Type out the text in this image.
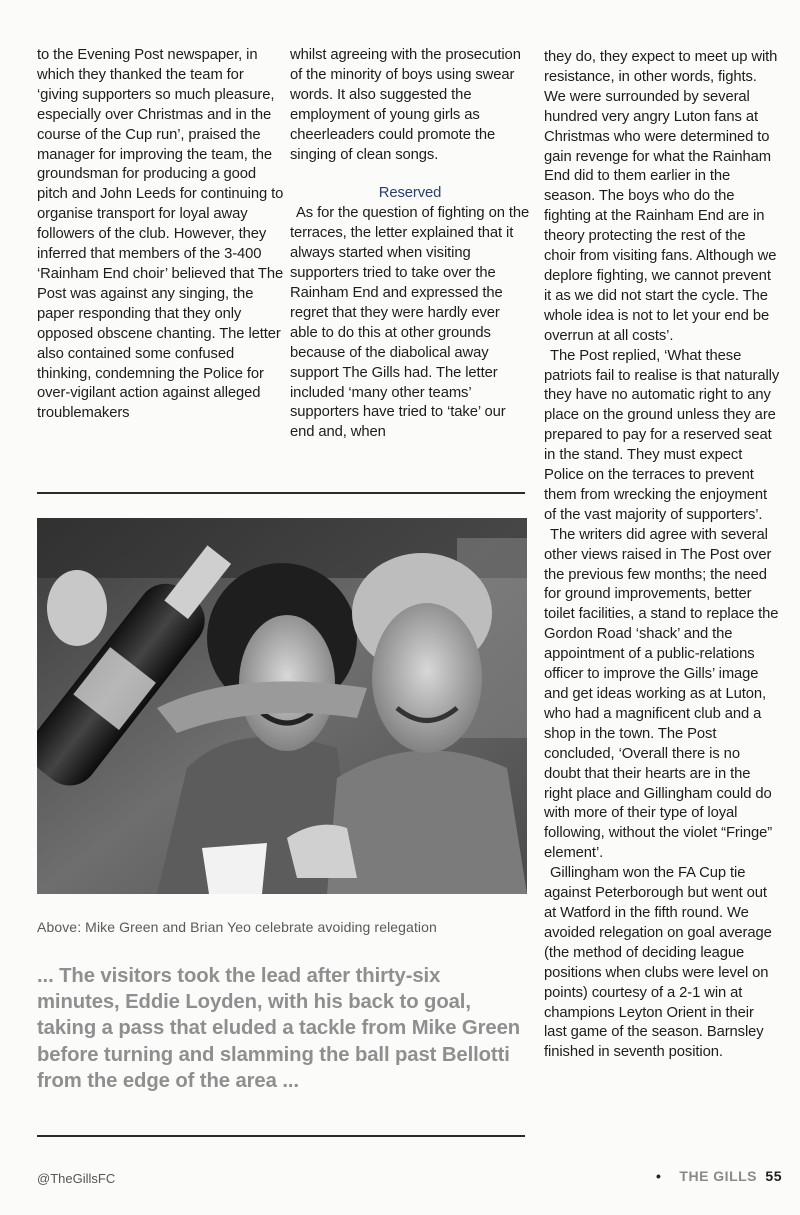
to the Evening Post newspaper, in which they thanked the team for ‘giving supporters so much pleasure, especially over Christmas and in the course of the Cup run’, praised the manager for improving the team, the groundsman for producing a good pitch and John Leeds for continuing to organise transport for loyal away followers of the club. However, they inferred that members of the 3-400 ‘Rainham End choir’ believed that The Post was against any singing, the paper responding that they only opposed obscene chanting. The letter also contained some confused thinking, condemning the Police for over-vigilant action against alleged troublemakers

whilst agreeing with the prosecution of the minority of boys using swear words. It also suggested the employment of young girls as cheerleaders could promote the singing of clean songs.

Reserved

As for the question of fighting on the terraces, the letter explained that it always started when visiting supporters tried to take over the Rainham End and expressed the regret that they were hardly ever able to do this at other grounds because of the diabolical away support The Gills had. The letter included ‘many other teams’ supporters have tried to ‘take’ our end and, when

they do, they expect to meet up with resistance, in other words, fights. We were surrounded by several hundred very angry Luton fans at Christmas who were determined to gain revenge for what the Rainham End did to them earlier in the season. The boys who do the fighting at the Rainham End are in theory protecting the rest of the choir from visiting fans. Although we deplore fighting, we cannot prevent it as we did not start the cycle. The whole idea is not to let your end be overrun at all costs’.

The Post replied, ‘What these patriots fail to realise is that naturally they have no automatic right to any place on the ground unless they are prepared to pay for a reserved seat in the stand. They must expect Police on the terraces to prevent them from wrecking the enjoyment of the vast majority of supporters’.

The writers did agree with several other views raised in The Post over the previous few months; the need for ground improvements, better toilet facilities, a stand to replace the Gordon Road ‘shack’ and the appointment of a public-relations officer to improve the Gills’ image and get ideas working as at Luton, who had a magnificent club and a shop in the town. The Post concluded, ‘Overall there is no doubt that their hearts are in the right place and Gillingham could do with more of their type of loyal following, without the violet “Fringe” element’.

Gillingham won the FA Cup tie against Peterborough but went out at Watford in the fifth round. We avoided relegation on goal average (the method of deciding league positions when clubs were level on points) courtesy of a 2-1 win at champions Leyton Orient in their last game of the season. Barnsley finished in seventh position.

Above: Mike Green and Brian Yeo celebrate avoiding relegation
... The visitors took the lead after thirty-six minutes, Eddie Loyden, with his back to goal, taking a pass that eluded a tackle from Mike Green before turning and slamming the ball past Bellotti from the edge of the area ...
@TheGillsFC	• THE GILLS 55
